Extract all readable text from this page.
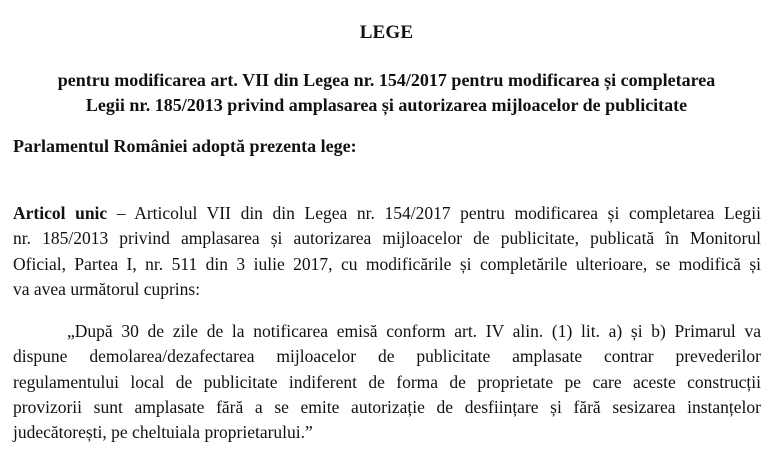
LEGE
pentru modificarea art. VII din Legea nr. 154/2017 pentru modificarea și completarea
Legii nr. 185/2013 privind amplasarea și autorizarea mijloacelor de publicitate
Parlamentul României adoptă prezenta lege:
Articol unic – Articolul VII din din Legea nr. 154/2017 pentru modificarea și completarea Legii
nr. 185/2013 privind amplasarea și autorizarea mijloacelor de publicitate, publicată în Monitorul
Oficial, Partea I, nr. 511 din 3 iulie 2017, cu modificările și completările ulterioare, se modifică și
va avea următorul cuprins:
„După 30 de zile de la notificarea emisă conform art. IV alin. (1) lit. a) și b) Primarul va
dispune demolarea/dezafectarea mijloacelor de publicitate amplasate contrar prevederilor
regulamentului local de publicitate indiferent de forma de proprietate pe care aceste construcții
provizorii sunt amplasate fără a se emite autorizație de desființare și fără sesizarea instanțelor
judecătorești, pe cheltuiala proprietarului.”
